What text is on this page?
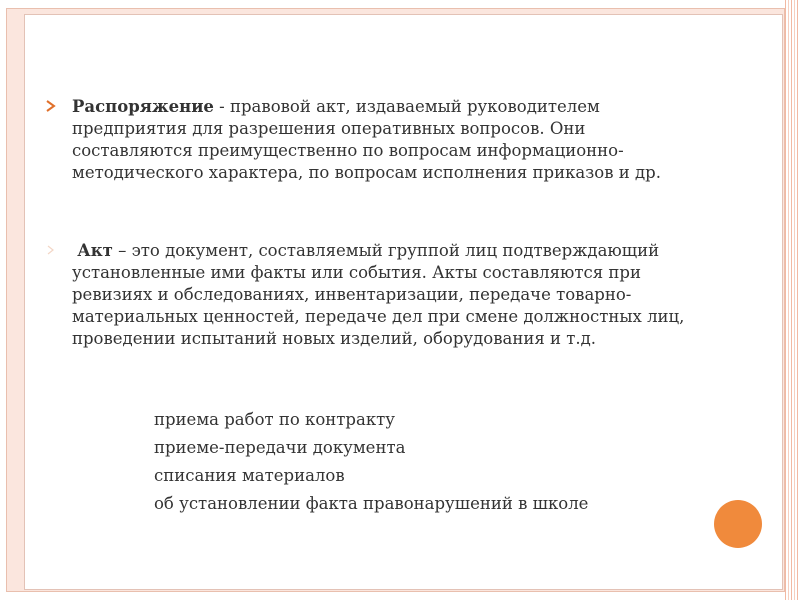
Распоряжение - правовой акт, издаваемый руководителем предприятия для разрешения оперативных вопросов. Они составляются преимущественно по вопросам информационно-методического характера, по вопросам исполнения приказов и др.
Акт – это документ, составляемый группой лиц подтверждающий установленные ими факты или события. Акты составляются при ревизиях и обследованиях, инвентаризации, передаче товарно-материальных ценностей, передаче дел при смене должностных лиц, проведении испытаний новых изделий, оборудования и т.д.
приема работ по контракту
приеме-передачи документа
списания материалов
об установлении факта правонарушений в школе
